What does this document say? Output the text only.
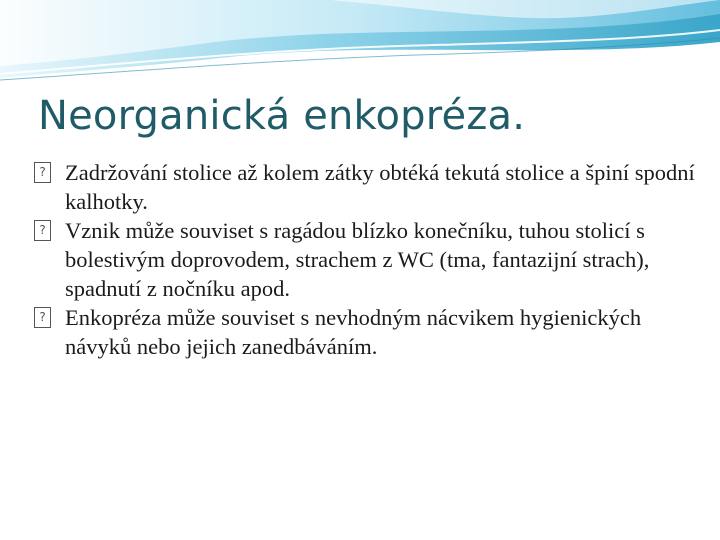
Neorganická enkopréza.
? Zadržování stolice až kolem zátky obtéká tekutá stolice a špiní spodní kalhotky.
? Vznik může souviset s ragádou blízko konečníku, tuhou stolicí s bolestivým doprovodem, strachem z WC (tma, fantazijní strach), spadnutí z nočníku apod.
? Enkopréza může souviset s nevhodným nácvikem hygienických návyků nebo jejich zanedbáváním.
